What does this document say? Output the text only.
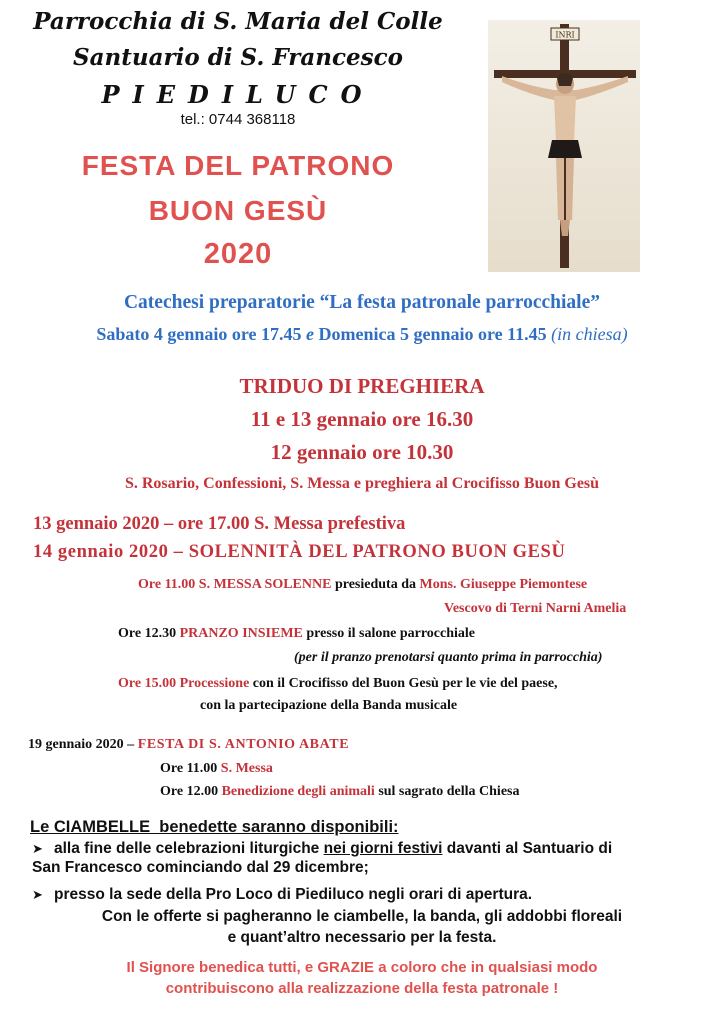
Parrocchia di S. Maria del Colle
Santuario di S. Francesco
PIEDILUCO
tel.: 0744 368118
FESTA DEL PATRONO
BUON GESÙ
2020
INRI
Catechesi preparatorie “La festa patronale parrocchiale”
Sabato 4 gennaio ore 17.45 e Domenica 5 gennaio ore 11.45 (in chiesa)
TRIDUO DI PREGHIERA
11 e 13 gennaio ore 16.30
12 gennaio ore 10.30
S. Rosario, Confessioni, S. Messa e preghiera al Crocifisso Buon Gesù
13 gennaio 2020 – ore 17.00 S. Messa prefestiva
14 gennaio 2020 – SOLENNITÀ DEL PATRONO BUON GESÙ
Ore 11.00 S. MESSA SOLENNE presieduta da Mons. Giuseppe Piemontese
Vescovo di Terni Narni Amelia
Ore 12.30 PRANZO INSIEME presso il salone parrocchiale
(per il pranzo prenotarsi quanto prima in parrocchia)
Ore 15.00 Processione con il Crocifisso del Buon Gesù per le vie del paese,
con la partecipazione della Banda musicale
19 gennaio 2020 – FESTA DI S. ANTONIO ABATE
Ore 11.00 S. Messa
Ore 12.00 Benedizione degli animali sul sagrato della Chiesa
Le CIAMBELLE  benedette saranno disponibili:
➤ alla fine delle celebrazioni liturgiche nei giorni festivi davanti al Santuario di
San Francesco cominciando dal 29 dicembre;
➤ presso la sede della Pro Loco di Piediluco negli orari di apertura.
Con le offerte si pagheranno le ciambelle, la banda, gli addobbi floreali
e quant’altro necessario per la festa.
Il Signore benedica tutti, e GRAZIE a coloro che in qualsiasi modo
contribuiscono alla realizzazione della festa patronale !
